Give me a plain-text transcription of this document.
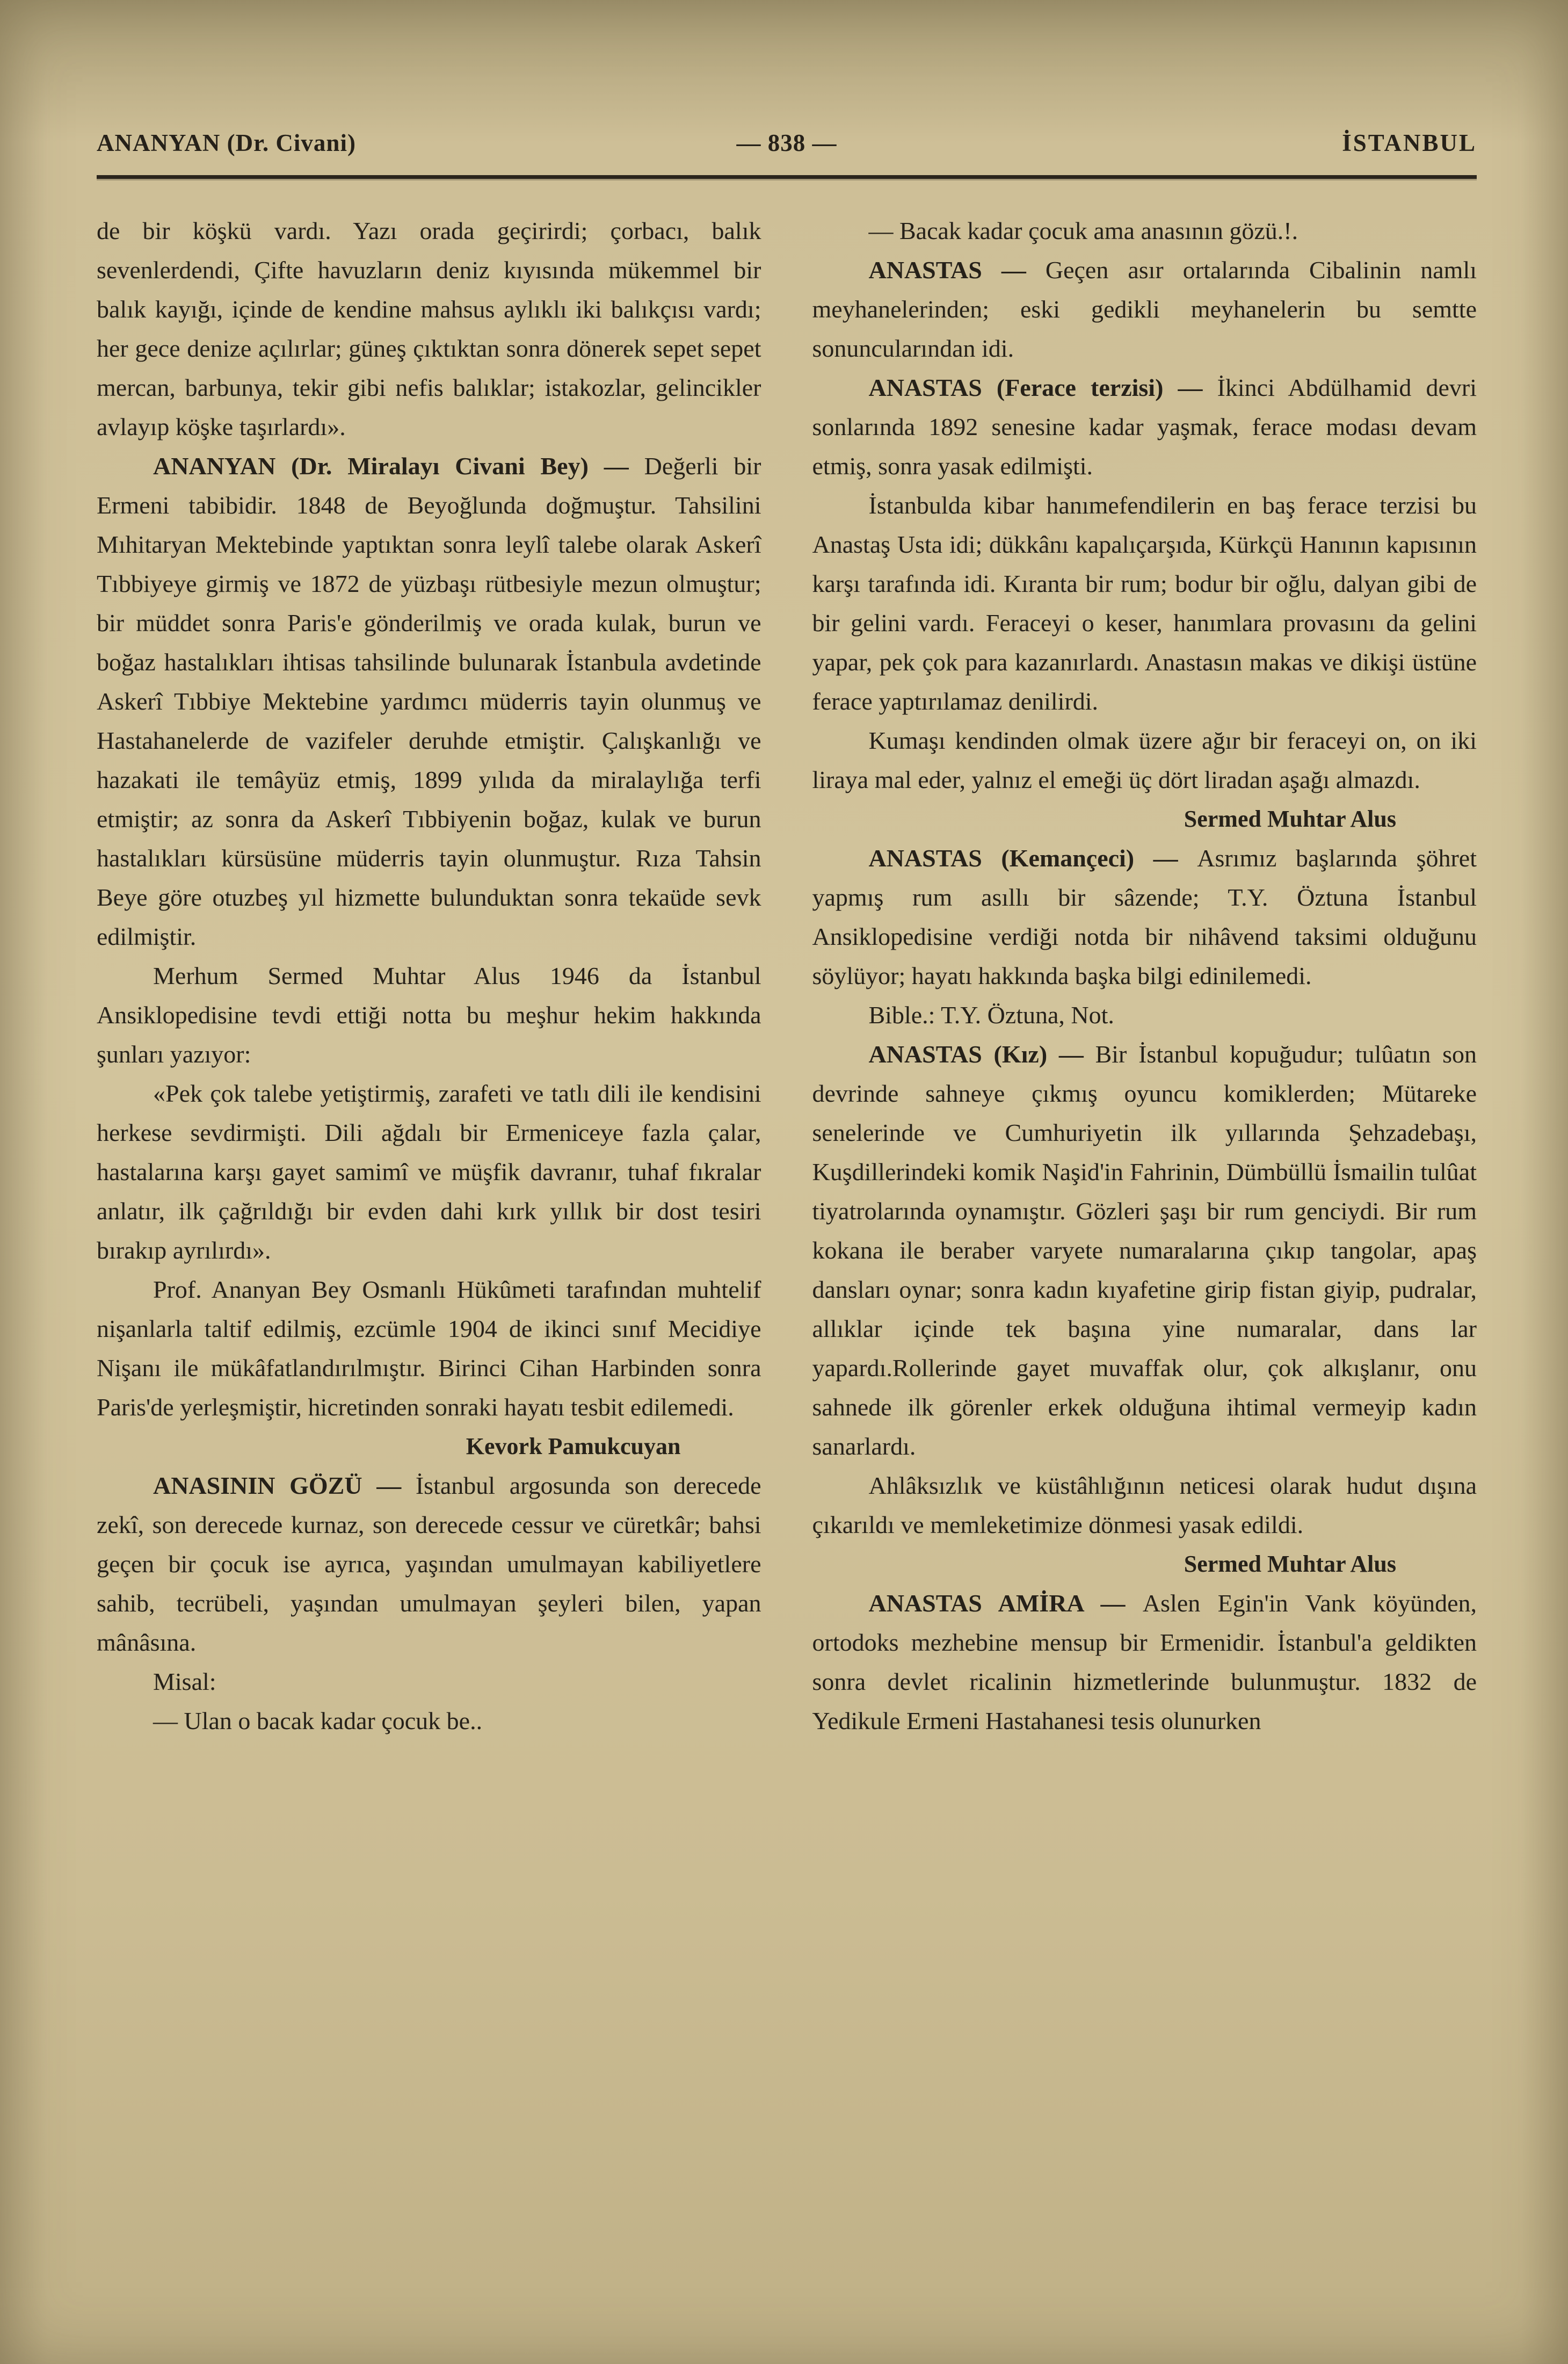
ANANYAN (Dr. Civani)	— 838 —	İSTANBUL

de bir köşkü vardı. Yazı orada geçirirdi; çorbacı, balık sevenlerdendi, Çifte havuzların deniz kıyısında mükemmel bir balık kayığı, içinde de kendine mahsus aylıklı iki balıkçısı vardı; her gece denize açılırlar; güneş çıktıktan sonra dönerek sepet sepet mercan, barbunya, tekir gibi nefis balıklar; istakozlar, gelincikler avlayıp köşke taşırlardı».

ANANYAN (Dr. Miralayı Civani Bey) — Değerli bir Ermeni tabibidir. 1848 de Beyoğlunda doğmuştur. Tahsilini Mıhitaryan Mektebinde yaptıktan sonra leylî talebe olarak Askerî Tıbbiyeye girmiş ve 1872 de yüzbaşı rütbesiyle mezun olmuştur; bir müddet sonra Paris'e gönderilmiş ve orada kulak, burun ve boğaz hastalıkları ihtisas tahsilinde bulunarak İstanbula avdetinde Askerî Tıbbiye Mektebine yardımcı müderris tayin olunmuş ve Hastahanelerde de vazifeler deruhde etmiştir. Çalışkanlığı ve hazakati ile temâyüz etmiş, 1899 yılıda da miralaylığa terfi etmiştir; az sonra da Askerî Tıbbiyenin boğaz, kulak ve burun hastalıkları kürsüsüne müderris tayin olunmuştur. Rıza Tahsin Beye göre otuzbeş yıl hizmette bulunduktan sonra tekaüde sevk edilmiştir.

Merhum Sermed Muhtar Alus 1946 da İstanbul Ansiklopedisine tevdi ettiği notta bu meşhur hekim hakkında şunları yazıyor:

«Pek çok talebe yetiştirmiş, zarafeti ve tatlı dili ile kendisini herkese sevdirmişti. Dili ağdalı bir Ermeniceye fazla çalar, hastalarına karşı gayet samimî ve müşfik davranır, tuhaf fıkralar anlatır, ilk çağrıldığı bir evden dahi kırk yıllık bir dost tesiri bırakıp ayrılırdı».

Prof. Ananyan Bey Osmanlı Hükûmeti tarafından muhtelif nişanlarla taltif edilmiş, ezcümle 1904 de ikinci sınıf Mecidiye Nişanı ile mükâfatlandırılmıştır. Birinci Cihan Harbinden sonra Paris'de yerleşmiştir, hicretinden sonraki hayatı tesbit edilemedi.

Kevork Pamukcuyan

ANASININ GÖZÜ — İstanbul argosunda son derecede zekî, son derecede kurnaz, son derecede cessur ve cüretkâr; bahsi geçen bir çocuk ise ayrıca, yaşından umulmayan kabiliyetlere sahib, tecrübeli, yaşından umulmayan şeyleri bilen, yapan mânâsına.

Misal:

— Ulan o bacak kadar çocuk be..

— Bacak kadar çocuk ama anasının gözü.!.

ANASTAS — Geçen asır ortalarında Cibalinin namlı meyhanelerinden; eski gedikli meyhanelerin bu semtte sonuncularından idi.

ANASTAS (Ferace terzisi) — İkinci Abdülhamid devri sonlarında 1892 senesine kadar yaşmak, ferace modası devam etmiş, sonra yasak edilmişti.

İstanbulda kibar hanımefendilerin en baş ferace terzisi bu Anastaş Usta idi; dükkânı kapalıçarşıda, Kürkçü Hanının kapısının karşı tarafında idi. Kıranta bir rum; bodur bir oğlu, dalyan gibi de bir gelini vardı. Feraceyi o keser, hanımlara provasını da gelini yapar, pek çok para kazanırlardı. Anastasın makas ve dikişi üstüne ferace yaptırılamaz denilirdi.

Kumaşı kendinden olmak üzere ağır bir feraceyi on, on iki liraya mal eder, yalnız el emeği üç dört liradan aşağı almazdı.

Sermed Muhtar Alus

ANASTAS (Kemançeci) — Asrımız başlarında şöhret yapmış rum asıllı bir sâzende; T.Y. Öztuna İstanbul Ansiklopedisine verdiği notda bir nihâvend taksimi olduğunu söylüyor; hayatı hakkında başka bilgi edinilemedi.

Bible.: T.Y. Öztuna, Not.

ANASTAS (Kız) — Bir İstanbul kopuğudur; tulûatın son devrinde sahneye çıkmış oyuncu komiklerden; Mütareke senelerinde ve Cumhuriyetin ilk yıllarında Şehzadebaşı, Kuşdillerindeki komik Naşid'in Fahrinin, Dümbüllü İsmailin tulûat tiyatrolarında oynamıştır. Gözleri şaşı bir rum genciydi. Bir rum kokana ile beraber varyete numaralarına çıkıp tangolar, apaş dansları oynar; sonra kadın kıyafetine girip fistan giyip, pudralar, allıklar içinde tek başına yine numaralar, dans lar yapardı.Rollerinde gayet muvaffak olur, çok alkışlanır, onu sahnede ilk görenler erkek olduğuna ihtimal vermeyip kadın sanarlardı.

Ahlâksızlık ve küstâhlığının neticesi olarak hudut dışına çıkarıldı ve memleketimize dönmesi yasak edildi.

Sermed Muhtar Alus

ANASTAS AMİRA — Aslen Egin'in Vank köyünden, ortodoks mezhebine mensup bir Ermenidir. İstanbul'a geldikten sonra devlet ricalinin hizmetlerinde bulunmuştur. 1832 de Yedikule Ermeni Hastahanesi tesis olunurken
